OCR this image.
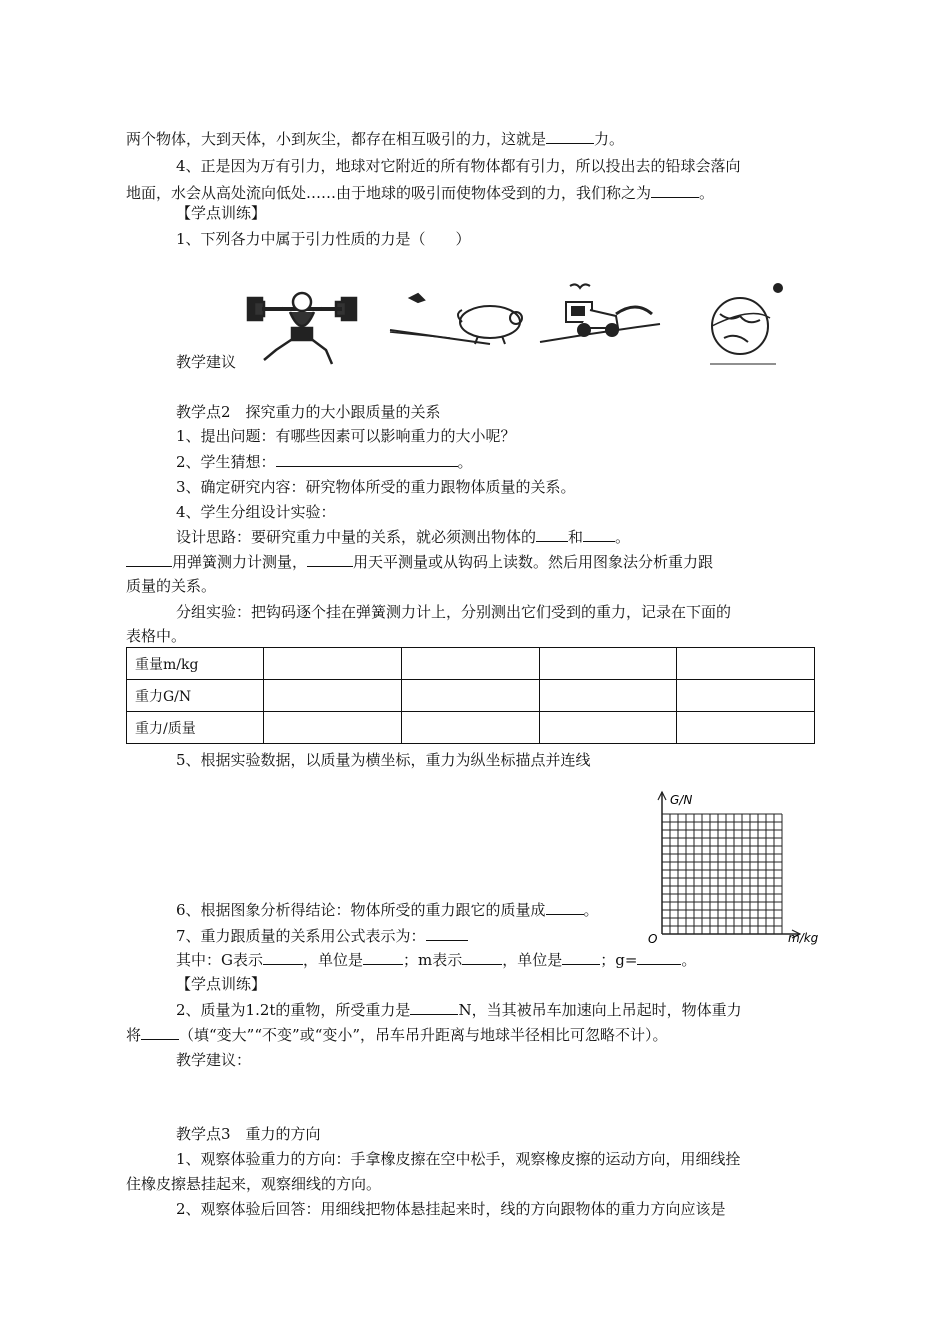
两个物体，大到天体，小到灰尘，都存在相互吸引的力，这就是	力。
4、正是因为万有引力，地球对它附近的所有物体都有引力，所以投出去的铅球会落向
地面，水会从高处流向低处……由于地球的吸引而使物体受到的力，我们称之为	。
【学点训练】
1、下列各力中属于引力性质的力是（　　）
教学建议
教学点2　探究重力的大小跟质量的关系
1、提出问题：有哪些因素可以影响重力的大小呢？
2、学生猜想：	。
3、确定研究内容：研究物体所受的重力跟物体质量的关系。
4、学生分组设计实验：
设计思路：要研究重力中量的关系，就必须测出物体的 和 。
用弹簧测力计测量，	用天平测量或从钩码上读数。然后用图象法分析重力跟
质量的关系。
分组实验：把钩码逐个挂在弹簧测力计上，分别测出它们受到的重力，记录在下面的
表格中。
重量m/kg				
重力G/N				
重力/质量				
5、根据实验数据，以质量为横坐标，重力为纵坐标描点并连线
G/N
m/kg
O
6、根据图象分析得结论：物体所受的重力跟它的质量成	。
7、重力跟质量的关系用公式表示为：
其中：G表示	，单位是	；m表示	，单位是	；g=	。
【学点训练】
2、质量为1.2t的重物，所受重力是	N，当其被吊车加速向上吊起时，物体重力
将	（填“变大”“不变”或“变小”，吊车吊升距离与地球半径相比可忽略不计）。
教学建议：
教学点3　重力的方向
1、观察体验重力的方向：手拿橡皮擦在空中松手，观察橡皮擦的运动方向，用细线拴
住橡皮擦悬挂起来，观察细线的方向。
2、观察体验后回答：用细线把物体悬挂起来时，线的方向跟物体的重力方向应该是
